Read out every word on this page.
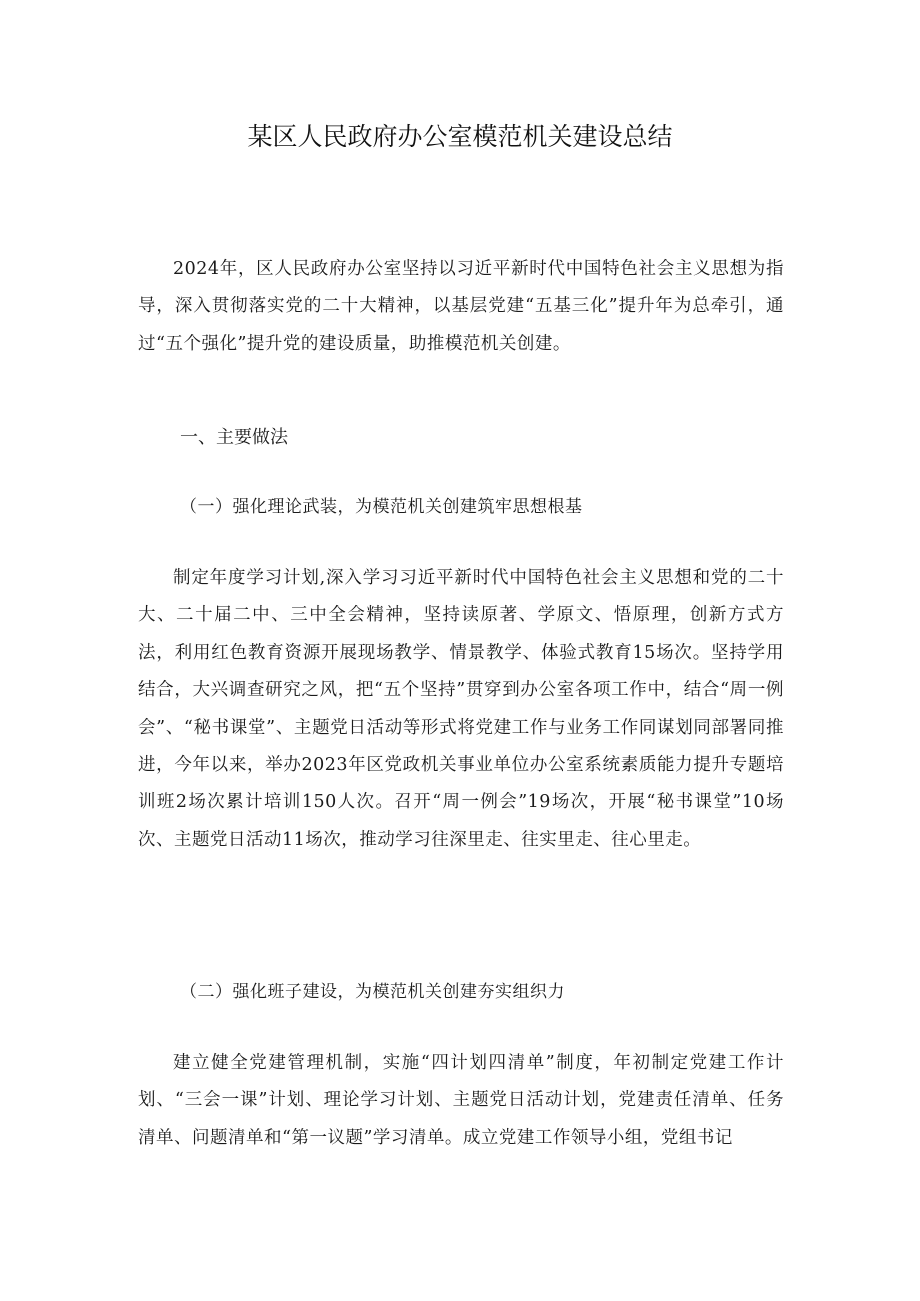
某区人民政府办公室模范机关建设总结

2024年，区人民政府办公室坚持以习近平新时代中国特色社会主义思想为指导，深入贯彻落实党的二十大精神，以基层党建“五基三化”提升年为总牵引，通过“五个强化”提升党的建设质量，助推模范机关创建。

一、主要做法
（一）强化理论武装，为模范机关创建筑牢思想根基

制定年度学习计划,深入学习习近平新时代中国特色社会主义思想和党的二十大、二十届二中、三中全会精神，坚持读原著、学原文、悟原理，创新方式方法，利用红色教育资源开展现场教学、情景教学、体验式教育15场次。坚持学用结合，大兴调查研究之风，把“五个坚持”贯穿到办公室各项工作中，结合“周一例会”、“秘书课堂”、主题党日活动等形式将党建工作与业务工作同谋划同部署同推进，今年以来，举办2023年区党政机关事业单位办公室系统素质能力提升专题培训班2场次累计培训150人次。召开“周一例会”19场次，开展“秘书课堂”10场次、主题党日活动11场次，推动学习往深里走、往实里走、往心里走。

（二）强化班子建设，为模范机关创建夯实组织力

建立健全党建管理机制，实施“四计划四清单”制度，年初制定党建工作计划、“三会一课”计划、理论学习计划、主题党日活动计划，党建责任清单、任务清单、问题清单和“第一议题”学习清单。成立党建工作领导小组，党组书记
